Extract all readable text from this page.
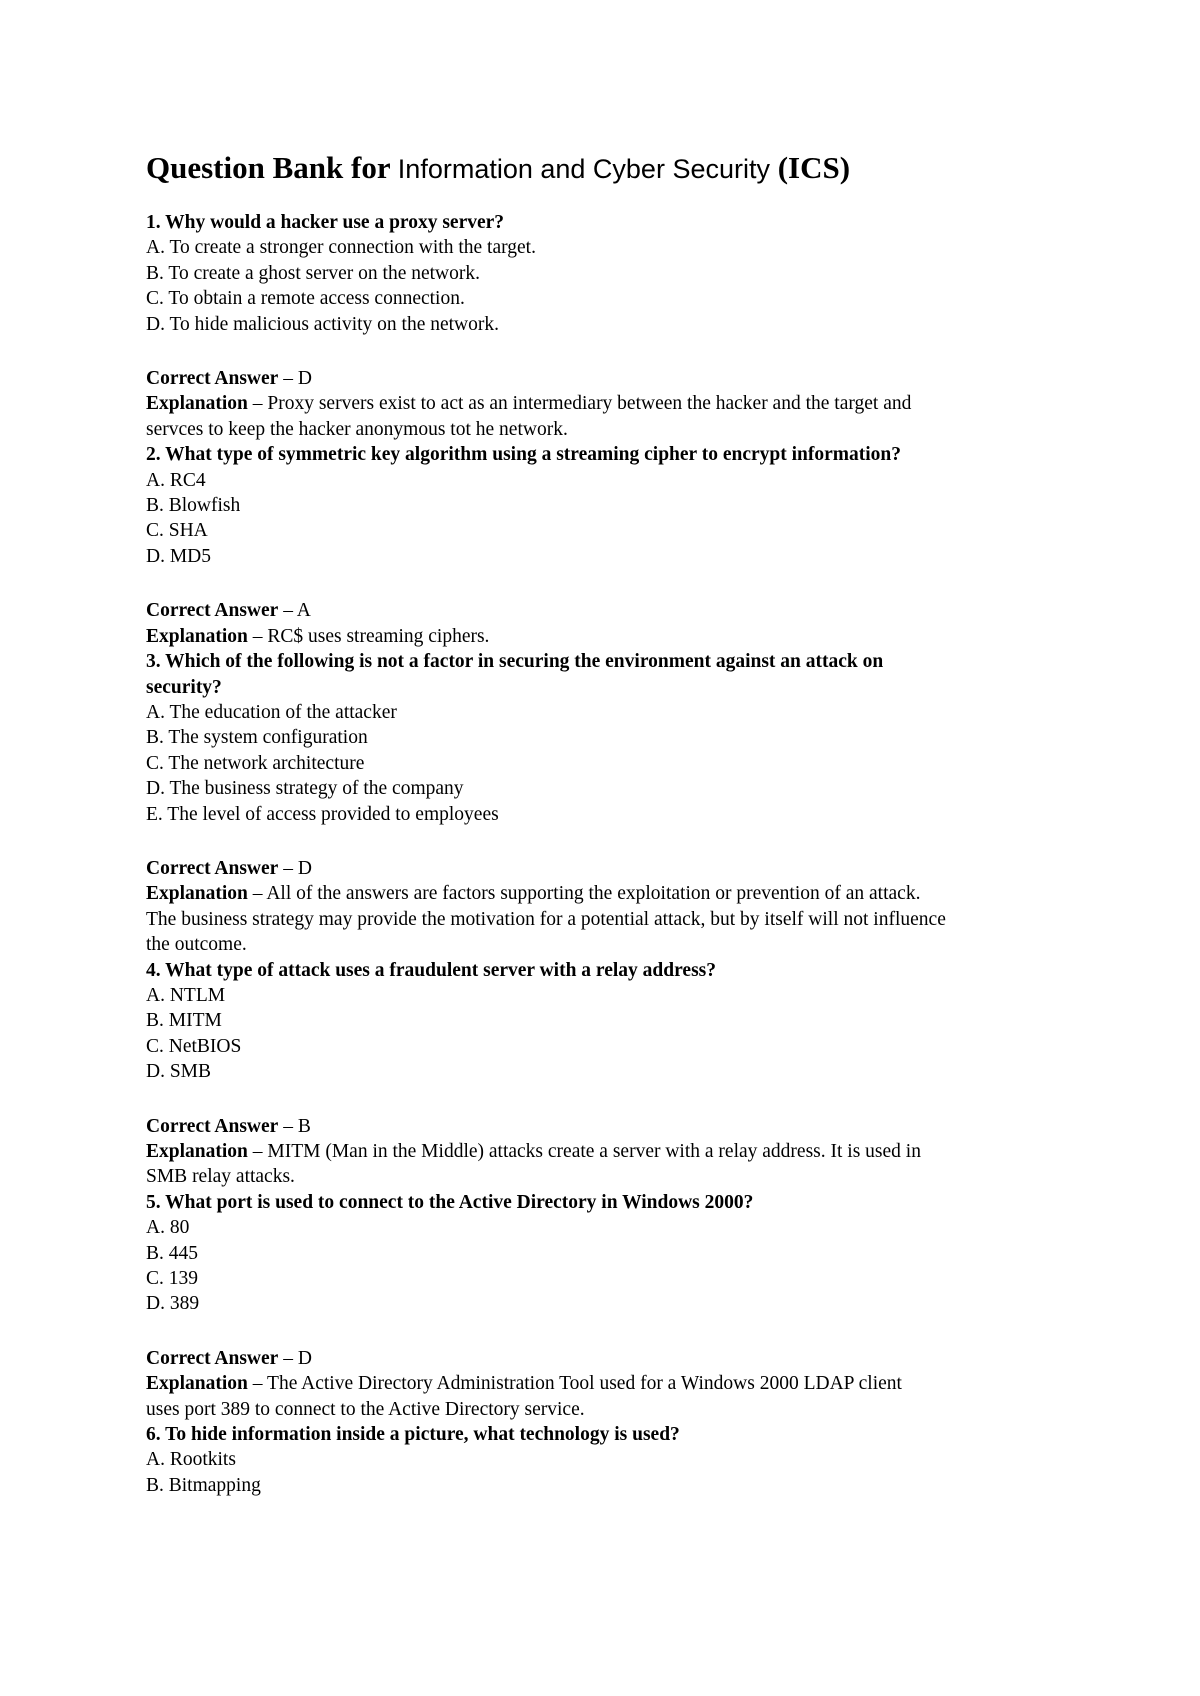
Question Bank for Information and Cyber Security (ICS)
1. Why would a hacker use a proxy server?
A. To create a stronger connection with the target.
B. To create a ghost server on the network.
C. To obtain a remote access connection.
D. To hide malicious activity on the network.
Correct Answer – D
Explanation – Proxy servers exist to act as an intermediary between the hacker and the target and
servces to keep the hacker anonymous tot he network.
2. What type of symmetric key algorithm using a streaming cipher to encrypt information?
A. RC4
B. Blowfish
C. SHA
D. MD5
Correct Answer – A
Explanation – RC$ uses streaming ciphers.
3. Which of the following is not a factor in securing the environment against an attack on
security?
A. The education of the attacker
B. The system configuration
C. The network architecture
D. The business strategy of the company
E. The level of access provided to employees
Correct Answer – D
Explanation – All of the answers are factors supporting the exploitation or prevention of an attack.
The business strategy may provide the motivation for a potential attack, but by itself will not influence
the outcome.
4. What type of attack uses a fraudulent server with a relay address?
A. NTLM
B. MITM
C. NetBIOS
D. SMB
Correct Answer – B
Explanation – MITM (Man in the Middle) attacks create a server with a relay address. It is used in
SMB relay attacks.
5. What port is used to connect to the Active Directory in Windows 2000?
A. 80
B. 445
C. 139
D. 389
Correct Answer – D
Explanation – The Active Directory Administration Tool used for a Windows 2000 LDAP client
uses port 389 to connect to the Active Directory service.
6. To hide information inside a picture, what technology is used?
A. Rootkits
B. Bitmapping
